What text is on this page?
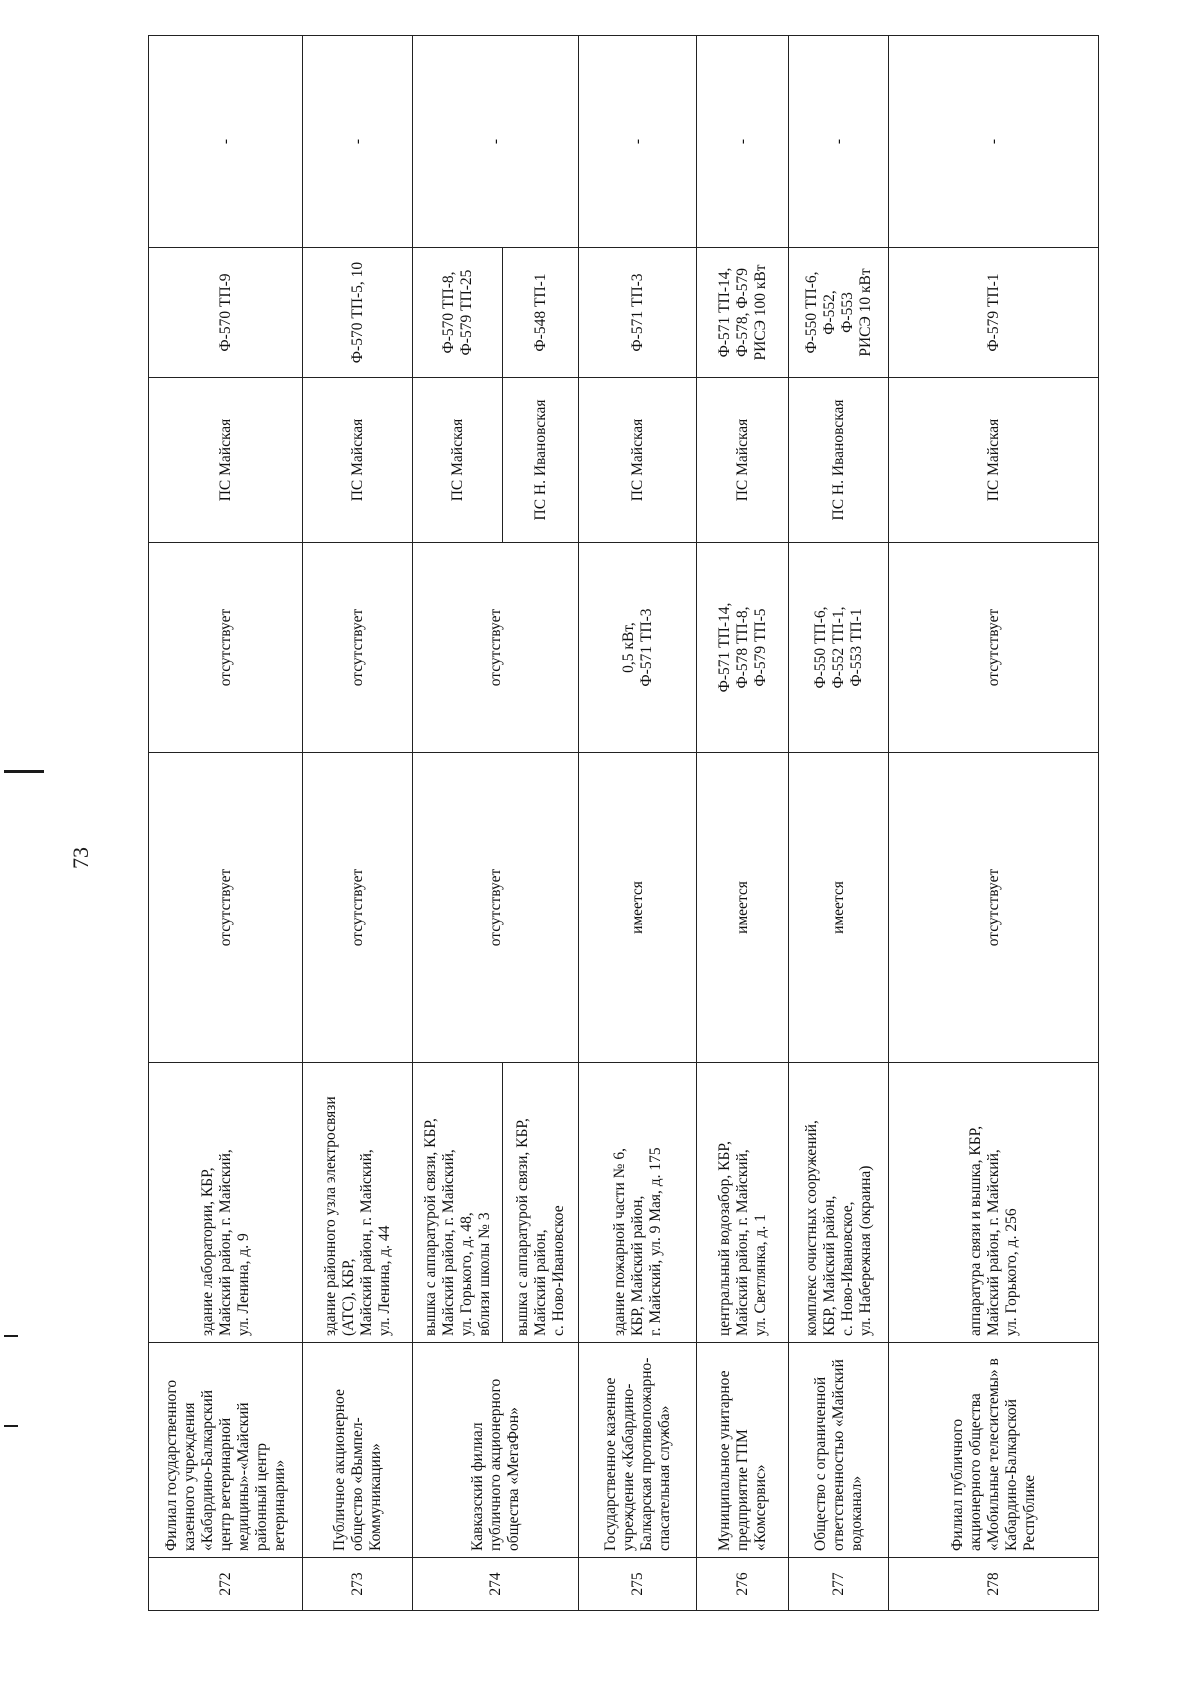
73
272	Филиал государственного казенного учреждения «Кабардино-Балкарский центр ветеринарной медицины»-«Майский районный центр ветеринарии»	здание лаборатории, КБР,
Майский район, г. Майский,
ул. Ленина, д. 9	отсутствует	отсутствует	ПС Майская	Ф-570 ТП-9	-
273	Публичное акционерное общество «Вымпел-Коммуникации»	здание районного узла электросвязи (АТС), КБР,
Майский район, г. Майский,
ул. Ленина, д. 44	отсутствует	отсутствует	ПС Майская	Ф-570 ТП-5, 10	-
274	Кавказский филиал публичного акционерного общества «МегаФон»	вышка с аппаратурой связи, КБР,
Майский район, г. Майский,
ул. Горького, д. 48,
вблизи школы № 3	отсутствует	отсутствует	ПС Майская	Ф-570 ТП-8,
Ф-579 ТП-25	-
		вышка с аппаратурой связи, КБР,
Майский район,
с. Ново-Ивановское			ПС Н. Ивановская	Ф-548 ТП-1	
275	Государственное казенное учреждение «Кабардино-Балкарская противопожарно-спасательная служба»	здание пожарной части № 6,
КБР, Майский район,
г. Майский, ул. 9 Мая, д. 175	имеется	0,5 кВт,
Ф-571 ТП-3	ПС Майская	Ф-571 ТП-3	-
276	Муниципальное унитарное предприятие ГПМ «Комсервис»	центральный водозабор, КБР,
Майский район, г. Майский,
ул. Светлянка, д. 1	имеется	Ф-571 ТП-14,
Ф-578 ТП-8,
Ф-579 ТП-5	ПС Майская	Ф-571 ТП-14,
Ф-578, Ф-579
РИСЭ 100 кВт	-
277	Общество с ограниченной ответственностью «Майский водоканал»	комплекс очистных сооружений,
КБР, Майский район,
с. Ново-Ивановское,
ул. Набережная (окраина)	имеется	Ф-550 ТП-6,
Ф-552 ТП-1,
Ф-553 ТП-1	ПС Н. Ивановская	Ф-550 ТП-6,
Ф-552,
Ф-553
РИСЭ 10 кВт	-
278	Филиал публичного акционерного общества «Мобильные телесистемы» в Кабардино-Балкарской Республике	аппаратура связи и вышка, КБР,
Майский район, г. Майский,
ул. Горького, д. 256	отсутствует	отсутствует	ПС Майская	Ф-579 ТП-1	-
